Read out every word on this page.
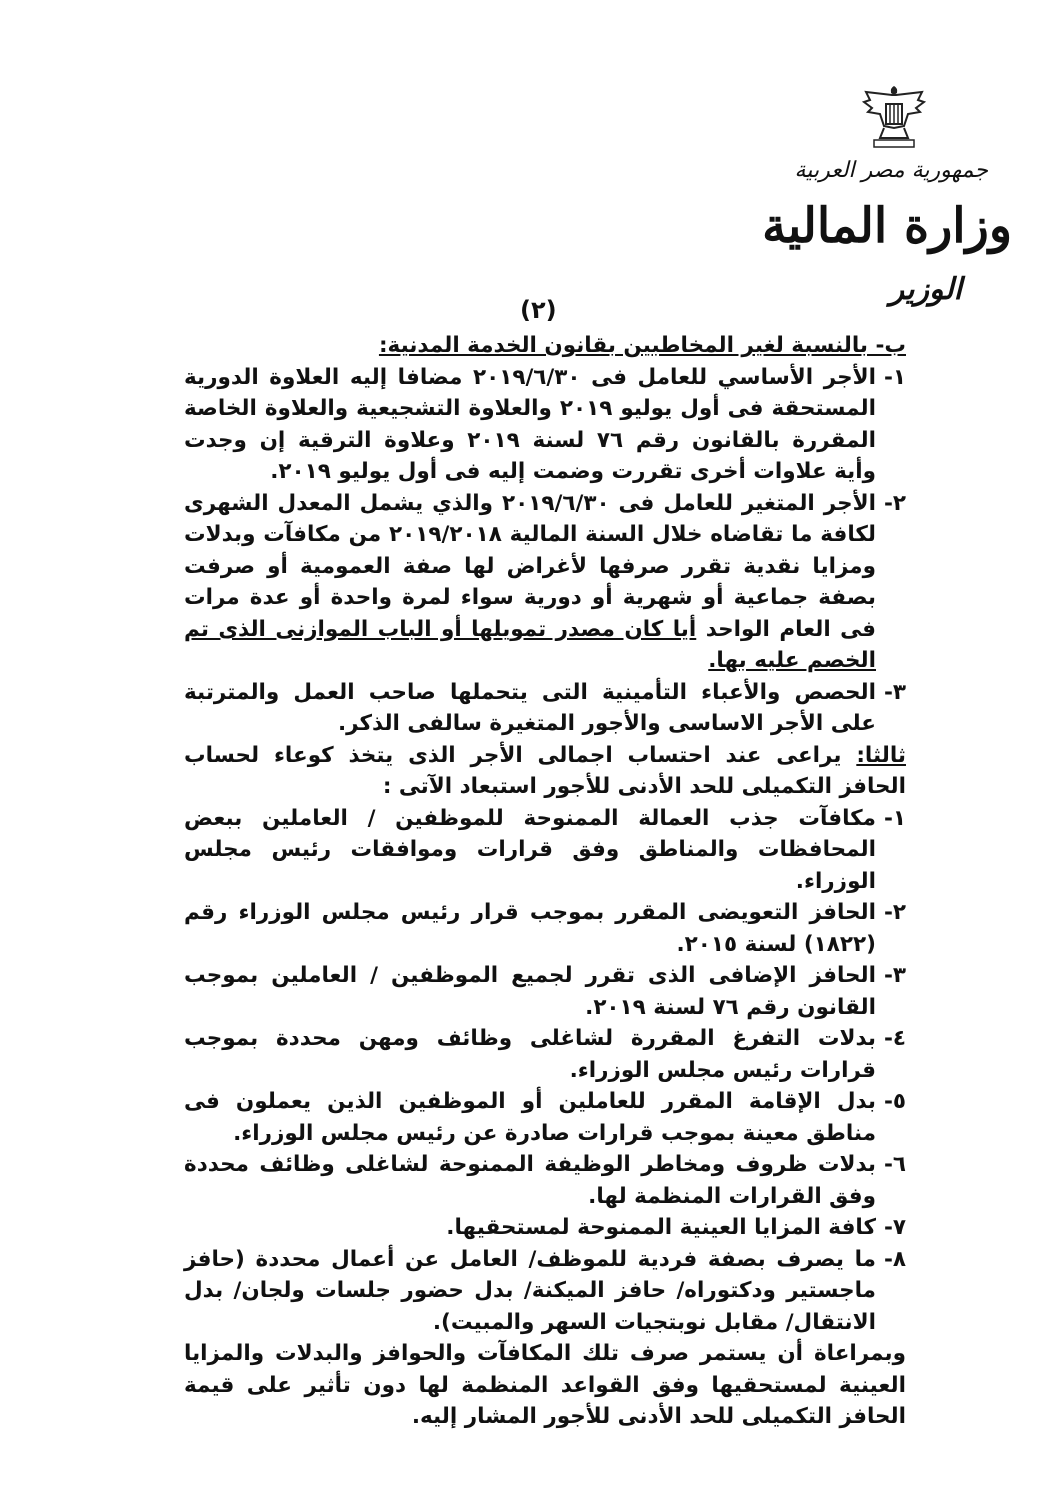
جمهورية مصر العربية
وزارة المالية
الوزير
(٢)

ب- بالنسبة لغير المخاطبين بقانون الخدمة المدنية:

١-
الأجر الأساسي للعامل فى ٢٠١٩/٦/٣٠ مضافا إليه العلاوة الدورية المستحقة فى أول يوليو ٢٠١٩ والعلاوة التشجيعية والعلاوة الخاصة المقررة بالقانون رقم ٧٦ لسنة ٢٠١٩ وعلاوة الترقية إن وجدت وأية علاوات أخرى تقررت وضمت إليه فى أول يوليو ٢٠١٩.
٢-
الأجر المتغير للعامل فى ٢٠١٩/٦/٣٠ والذي يشمل المعدل الشهرى لكافة ما تقاضاه خلال السنة المالية ٢٠١٩/٢٠١٨ من مكافآت وبدلات ومزايا نقدية تقرر صرفها لأغراض لها صفة العمومية أو صرفت بصفة جماعية أو شهرية أو دورية سواء لمرة واحدة أو عدة مرات فى العام الواحد أيا كان مصدر تمويلها أو الباب الموازنى الذى تم الخصم عليه بها.
٣-
الحصص والأعباء التأمينية التى يتحملها صاحب العمل والمترتبة على الأجر الاساسى والأجور المتغيرة سالفى الذكر.

ثالثا: يراعى عند احتساب اجمالى الأجر الذى يتخذ كوعاء لحساب الحافز التكميلى للحد الأدنى للأجور استبعاد الآتى :

١-
مكافآت جذب العمالة الممنوحة للموظفين / العاملين ببعض المحافظات والمناطق وفق قرارات وموافقات رئيس مجلس الوزراء.
٢-
الحافز التعويضى المقرر بموجب قرار رئيس مجلس الوزراء رقم (١٨٢٢) لسنة ٢٠١٥.
٣-
الحافز الإضافى الذى تقرر لجميع الموظفين / العاملين بموجب القانون رقم ٧٦ لسنة ٢٠١٩.
٤-
بدلات التفرغ المقررة لشاغلى وظائف ومهن محددة بموجب قرارات رئيس مجلس الوزراء.
٥-
بدل الإقامة المقرر للعاملين أو الموظفين الذين يعملون فى مناطق معينة بموجب قرارات صادرة عن رئيس مجلس الوزراء.
٦-
بدلات ظروف ومخاطر الوظيفة الممنوحة لشاغلى وظائف محددة وفق القرارات المنظمة لها.
٧-
كافة المزايا العينية الممنوحة لمستحقيها.
٨-
ما يصرف بصفة فردية للموظف/ العامل عن أعمال محددة (حافز ماجستير ودكتوراه/ حافز الميكنة/ بدل حضور جلسات ولجان/ بدل الانتقال/ مقابل نوبتجيات السهر والمبيت).

وبمراعاة أن يستمر صرف تلك المكافآت والحوافز والبدلات والمزايا العينية لمستحقيها وفق القواعد المنظمة لها دون تأثير على قيمة الحافز التكميلى للحد الأدنى للأجور المشار إليه.
